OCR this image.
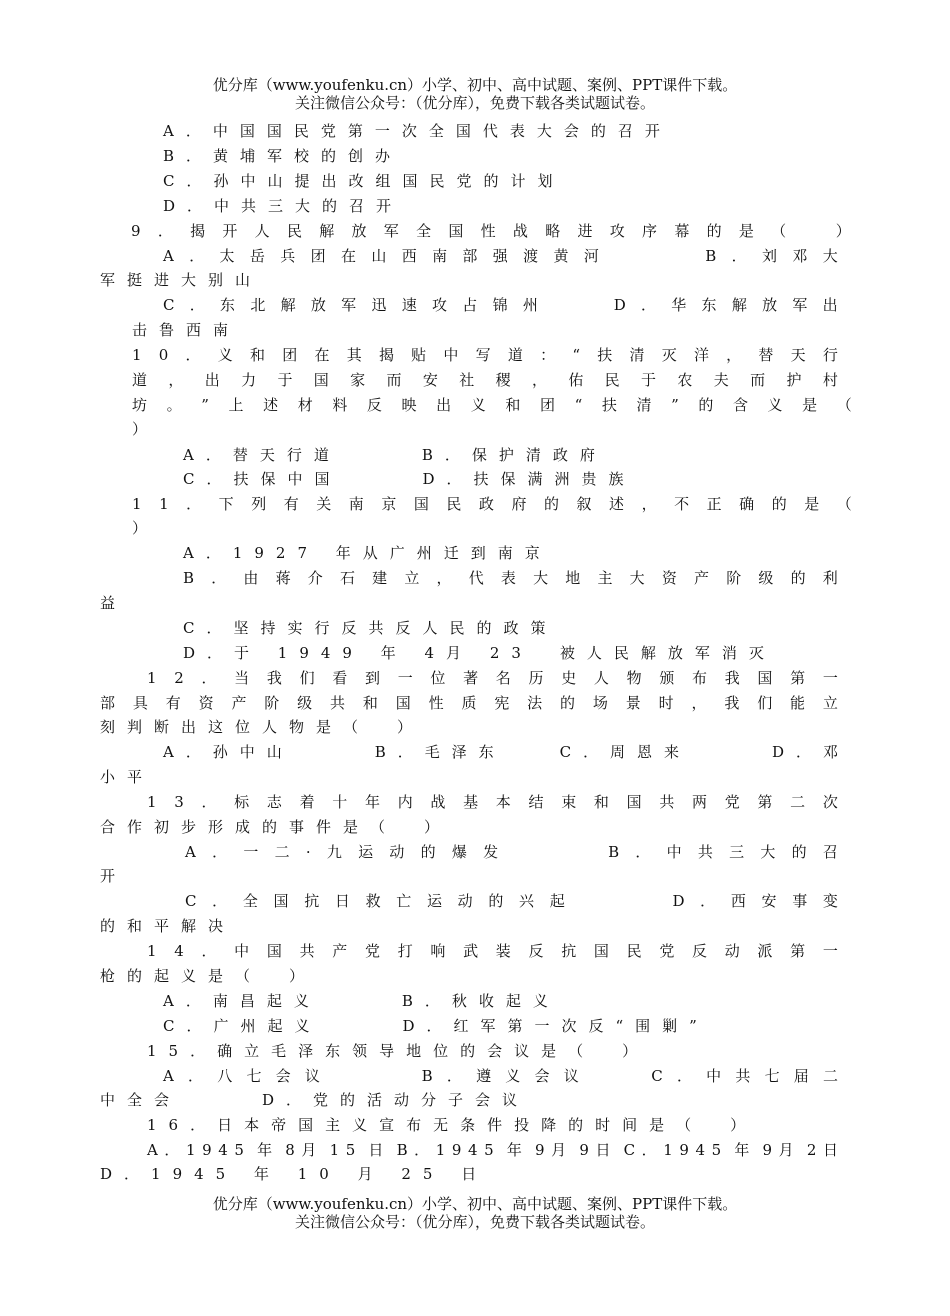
优分库（www.youfenku.cn）小学、初中、高中试题、案例、PPT课件下载。
关注微信公众号：（优分库），免费下载各类试题试卷。
A．中国国民党第一次全国代表大会的召开
B．黄埔军校的创办
C．孙中山提出改组国民党的计划
D．中共三大的召开
9 ． 揭 开 人 民 解 放 军 全 国 性 战 略 进 攻 序 幕 的 是 （
　	）
A ． 太 岳 兵 团 在 山 西 南 部 强 渡 黄 河

　	B ． 刘 邓 大
军挺进大别山
C ． 东 北 解 放 军 迅 速 攻 占 锦 州

　	D ． 华 东 解 放 军 出
击鲁西南
1 0 ． 义 和 团 在 其 揭 贴 中 写 道 ： “ 扶 清 灭 洋 ， 替 天 行
道 ， 出 力 于 国 家 而 安 社 稷 ， 佑 民 于 农 夫 而 护 村
坊 。 ” 上 述 材 料 反 映 出 义 和 团 “ 扶 清 ” 的 含 义 是 （
）
A．替天行道　　　B．保护清政府
C．扶保中国　　　D．扶保满洲贵族
1 1 ． 下 列 有 关 南 京 国 民 政 府 的 叙 述 ， 不 正 确 的 是 （
）
A．1927 年从广州迁到南京
B ． 由 蒋 介 石 建 立 ， 代 表 大 地 主 大 资 产 阶 级 的 利
益
C．坚持实行反共反人民的政策
D．于 1949 年 4月 23　被人民解放军消灭
1 2 ． 当 我 们 看 到 一 位 著 名 历 史 人 物 颁 布 我 国 第 一
部 具 有 资 产 阶 级 共 和 国 性 质 宪 法 的 场 景 时 ， 我 们 能 立
刻判断出这位人物是（　）
A ． 孙 中 山

　	B ． 毛 泽 东

　	C ． 周 恩 来

　	D ． 邓
小平
1 3 ． 标 志 着 十 年 内 战 基 本 结 束 和 国 共 两 党 第 二 次
合作初步形成的事件是（　）
A ． 一 二 · 九 运 动 的 爆 发

　	B ． 中 共 三 大 的 召
开
C ． 全 国 抗 日 救 亡 运 动 的 兴 起

　	D ． 西 安 事 变
的和平解决
1 4 ． 中 国 共 产 党 打 响 武 装 反 抗 国 民 党 反 动 派 第 一
枪的起义是（　）
A．南昌起义　　　B．秋收起义
C．广州起义　　　D．红军第一次反“围剿”
15．确立毛泽东领导地位的会议是（　）
A ． 八 七 会 议

　	B ． 遵 义 会 议

　	C ． 中 共 七 届 二
中全会　　　D．党的活动分子会议
16．日本帝国主义宣布无条件投降的时间是（　）
A ． 1 9 4 5 年 8 月 1 5 日 B ． 1 9 4 5 年 9 月 9 日 C ． 1 9 4 5 年 9 月 2 日
D．1945 年 10 月 25 日
优分库（www.youfenku.cn）小学、初中、高中试题、案例、PPT课件下载。
关注微信公众号：（优分库），免费下载各类试题试卷。
